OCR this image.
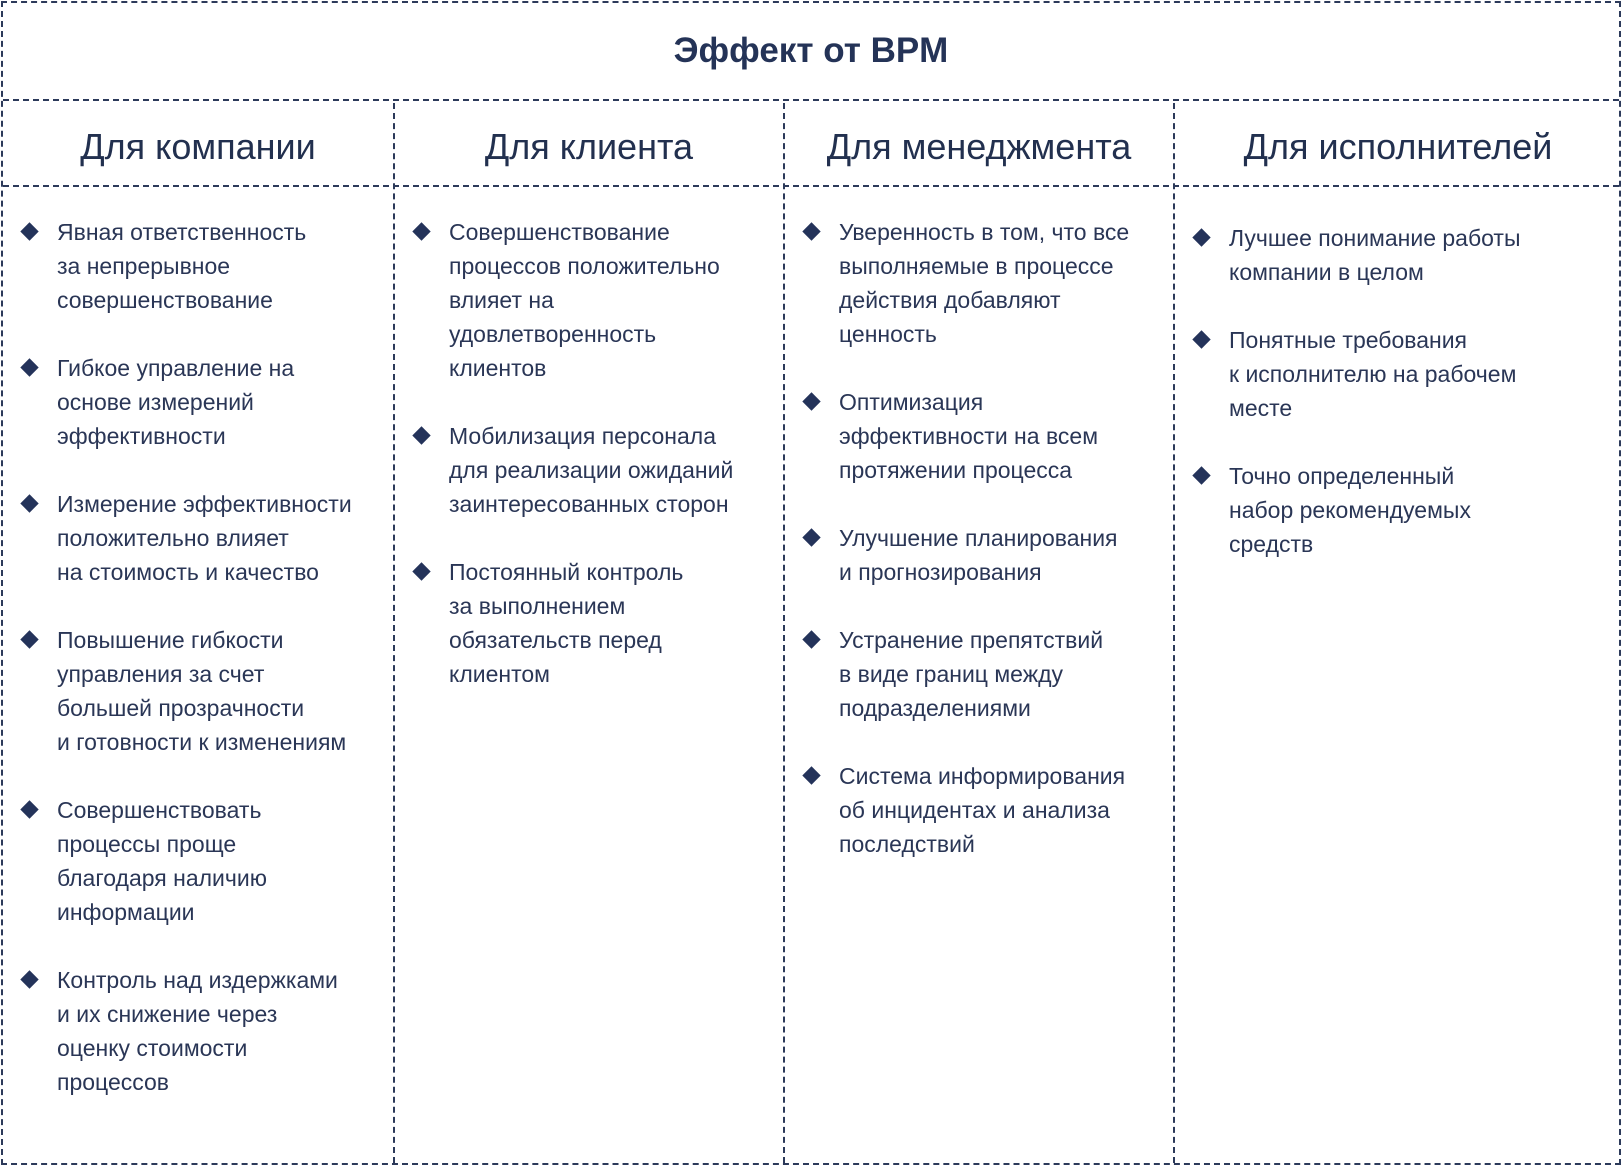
Эффект от BPM
Для компании
Явная ответственность
за непрерывное
совершенствование
Гибкое управление на
основе измерений
эффективности
Измерение эффективности
положительно влияет
на стоимость и качество
Повышение гибкости
управления за счет
большей прозрачности
и готовности к изменениям
Совершенствовать
процессы проще
благодаря наличию
информации
Контроль над издержками
и их снижение через
оценку стоимости
процессов
Для клиента
Совершенствование
процессов положительно
влияет на
удовлетворенность
клиентов
Мобилизация персонала
для реализации ожиданий
заинтересованных сторон
Постоянный контроль
за выполнением
обязательств перед
клиентом
Для менеджмента
Уверенность в том, что все
выполняемые в процессе
действия добавляют
ценность
Оптимизация
эффективности на всем
протяжении процесса
Улучшение планирования
и прогнозирования
Устранение препятствий
в виде границ между
подразделениями
Система информирования
об инцидентах и анализа
последствий
Для исполнителей
Лучшее понимание работы
компании в целом
Понятные требования
к исполнителю на рабочем
месте
Точно определенный
набор рекомендуемых
средств
